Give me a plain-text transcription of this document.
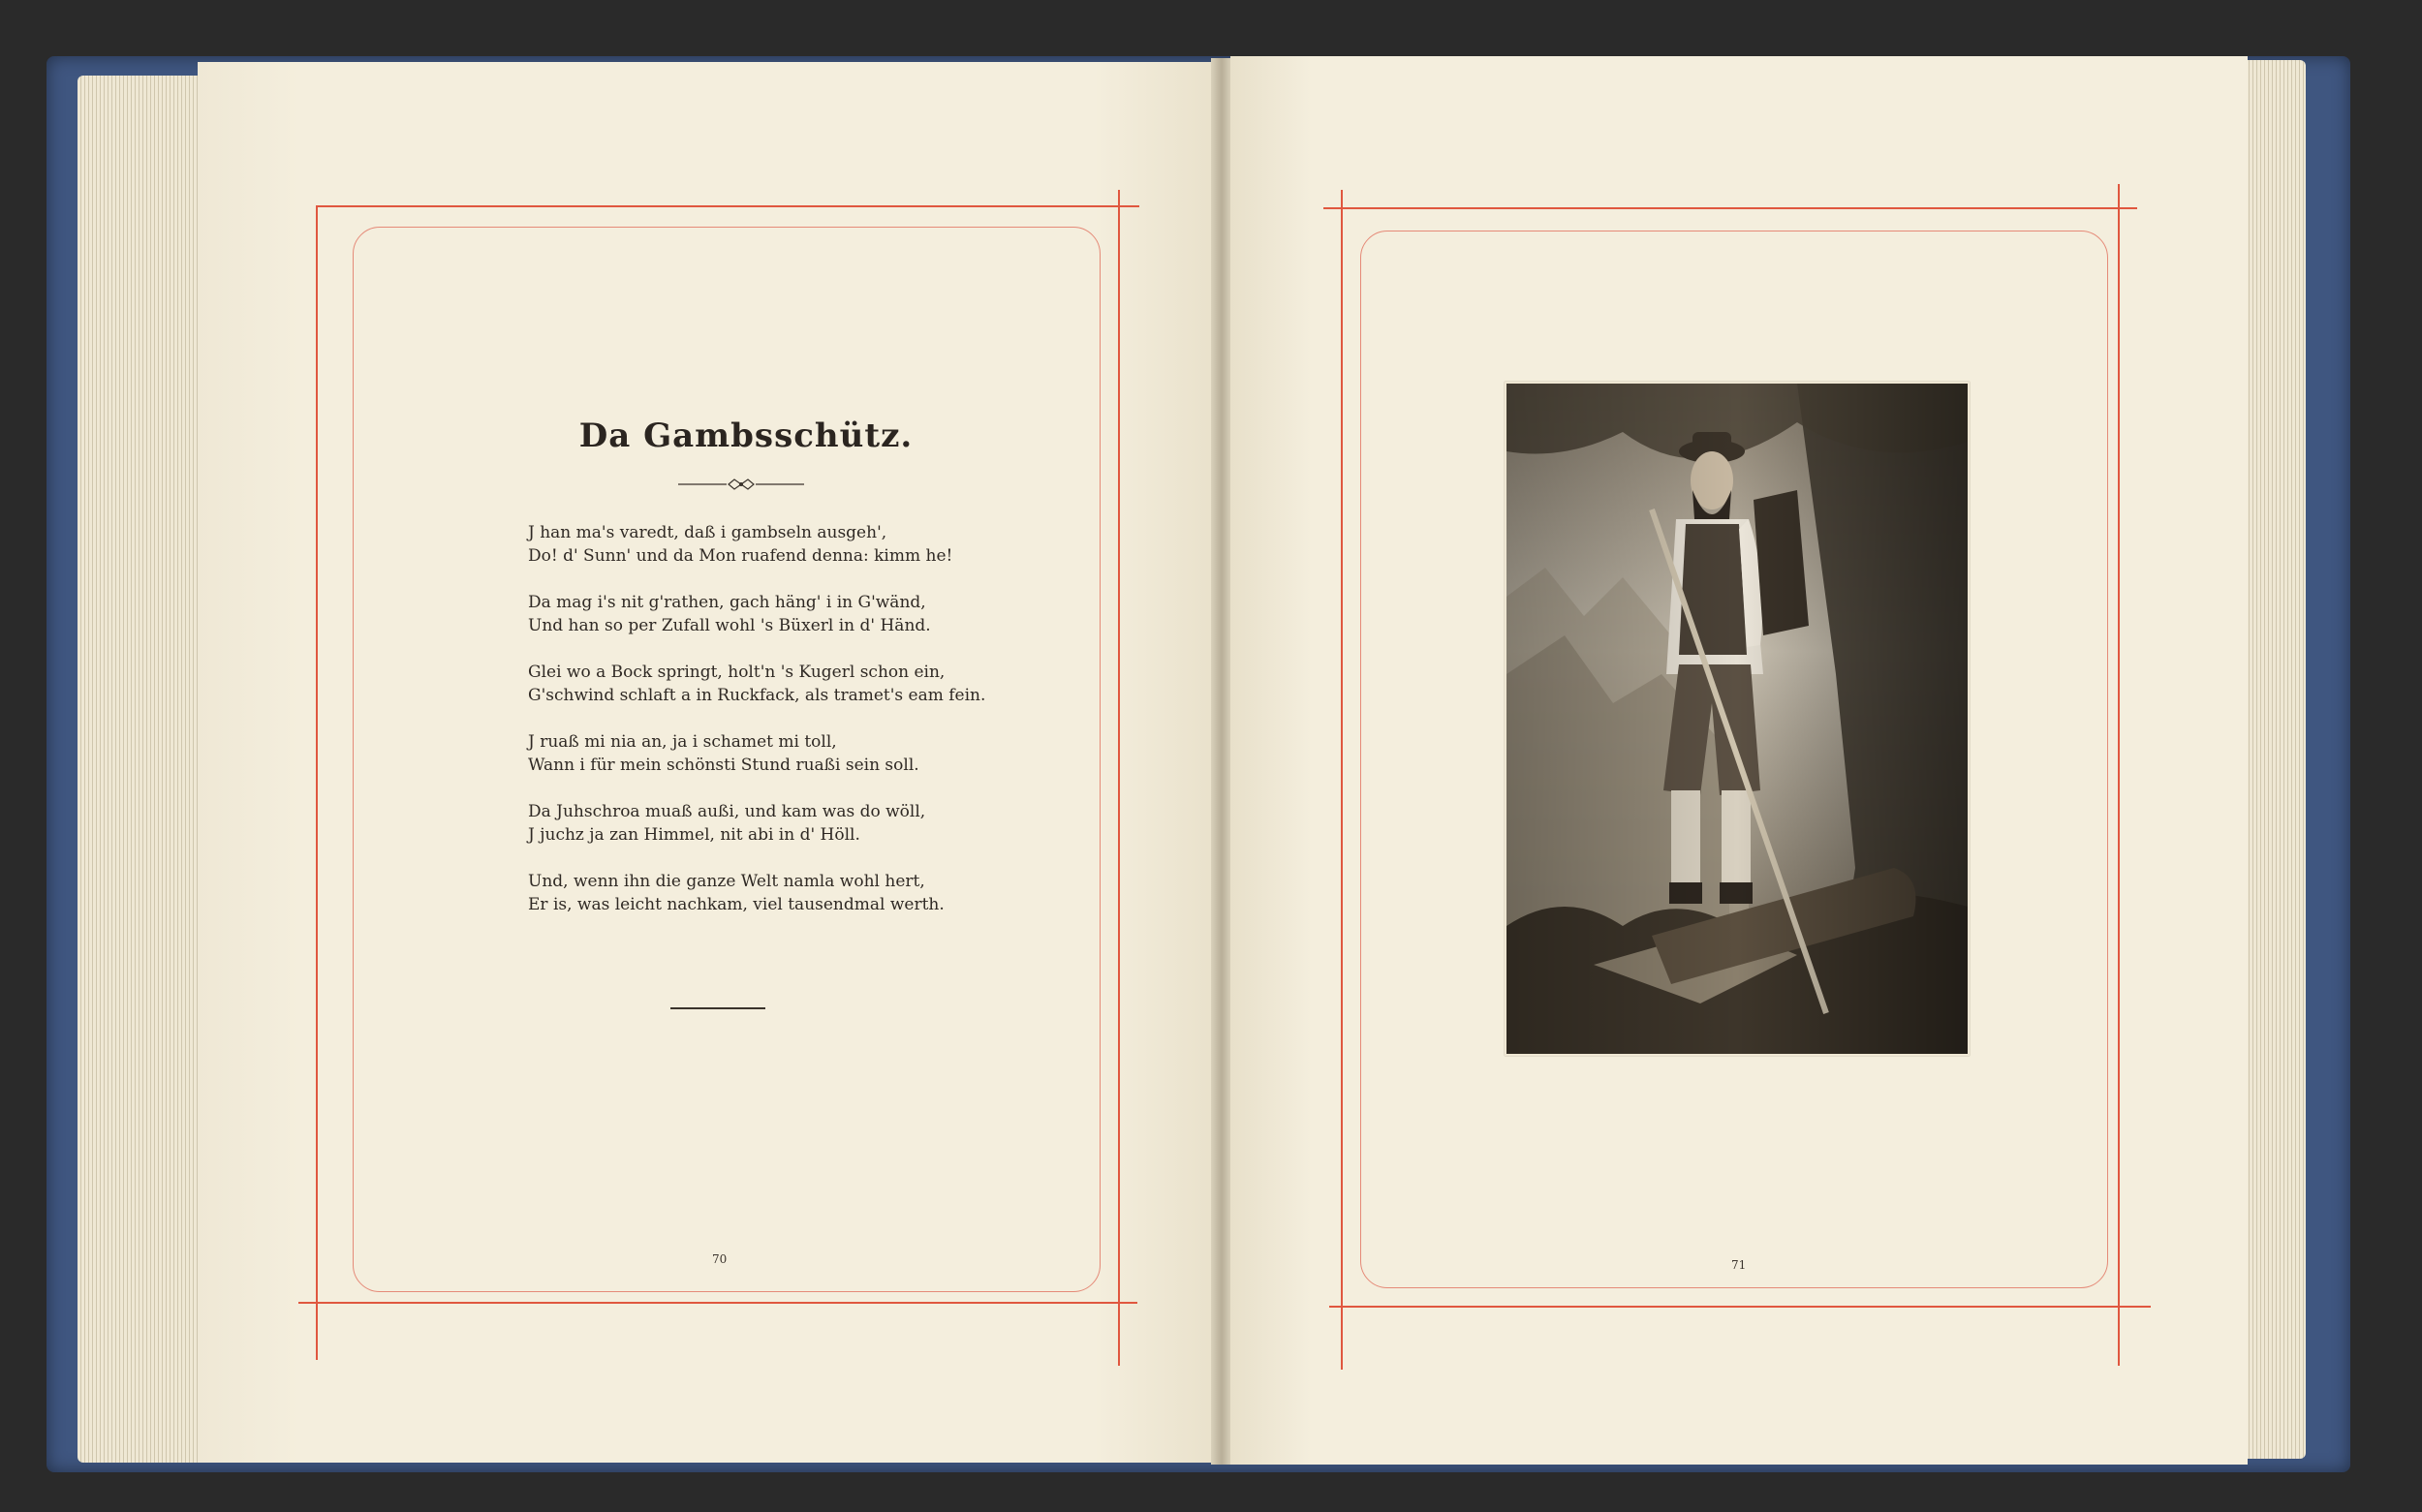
Da Gambsschütz.
J han ma's varedt, daß i gambseln ausgeh',
Do! d' Sunn' und da Mon ruafend denna: kimm he!
Da mag i's nit g'rathen, gach häng' i in G'wänd,
Und han so per Zufall wohl 's Büxerl in d' Händ.
Glei wo a Bock springt, holt'n 's Kugerl schon ein,
G'schwind schlaft a in Ruckfack, als tramet's eam fein.
J ruaß mi nia an, ja i schamet mi toll,
Wann i für mein schönsti Stund ruaßi sein soll.
Da Juhschroa muaß außi, und kam was do wöll,
J juchz ja zan Himmel, nit abi in d' Höll.
Und, wenn ihn die ganze Welt namla wohl hert,
Er is, was leicht nachkam, viel tausendmal werth.
70	71
